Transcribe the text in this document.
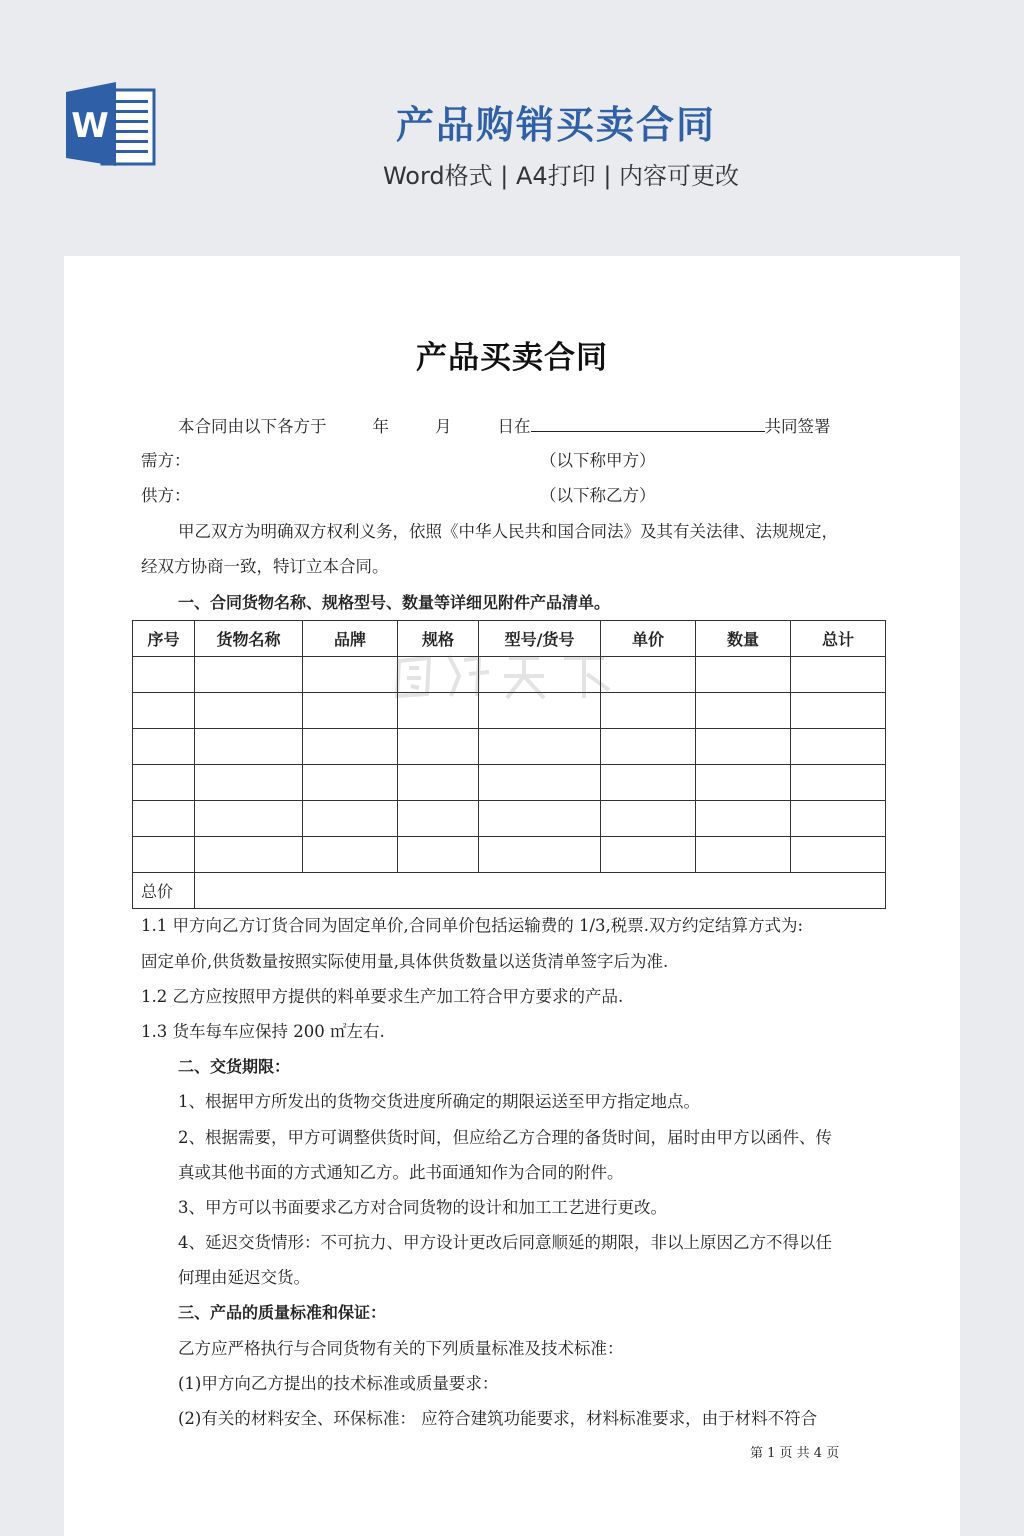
W	产品购销买卖合同
Word格式 | A4打印 | 内容可更改
产品买卖合同
本合同由以下各方于	年	月	日在	共同签署
需方：	（以下称甲方）
供方：	（以下称乙方）
甲乙双方为明确双方权利义务，依照《中华人民共和国合同法》及其有关法律、法规规定，
经双方协商一致，特订立本合同。
一、合同货物名称、规格型号、数量等详细见附件产品清单。
序号	货物名称	品牌	规格	型号/货号	单价	数量	总计

总价							
1.1 甲方向乙方订货合同为固定单价,合同单价包括运输费的 1/3,税票.双方约定结算方式为:
固定单价,供货数量按照实际使用量,具体供货数量以送货清单签字后为准.
1.2 乙方应按照甲方提供的料单要求生产加工符合甲方要求的产品.
1.3 货车每车应保持 200 ㎡左右.
二、交货期限：
1、根据甲方所发出的货物交货进度所确定的期限运送至甲方指定地点。
2、根据需要，甲方可调整供货时间，但应给乙方合理的备货时间，届时由甲方以函件、传
真或其他书面的方式通知乙方。此书面通知作为合同的附件。
3、甲方可以书面要求乙方对合同货物的设计和加工工艺进行更改。
4、延迟交货情形：不可抗力、甲方设计更改后同意顺延的期限，非以上原因乙方不得以任
何理由延迟交货。
三、产品的质量标准和保证：
乙方应严格执行与合同货物有关的下列质量标准及技术标准：
(1)甲方向乙方提出的技术标准或质量要求：
(2)有关的材料安全、环保标准： 应符合建筑功能要求，材料标准要求，由于材料不符合
第 1 页 共 4 页
